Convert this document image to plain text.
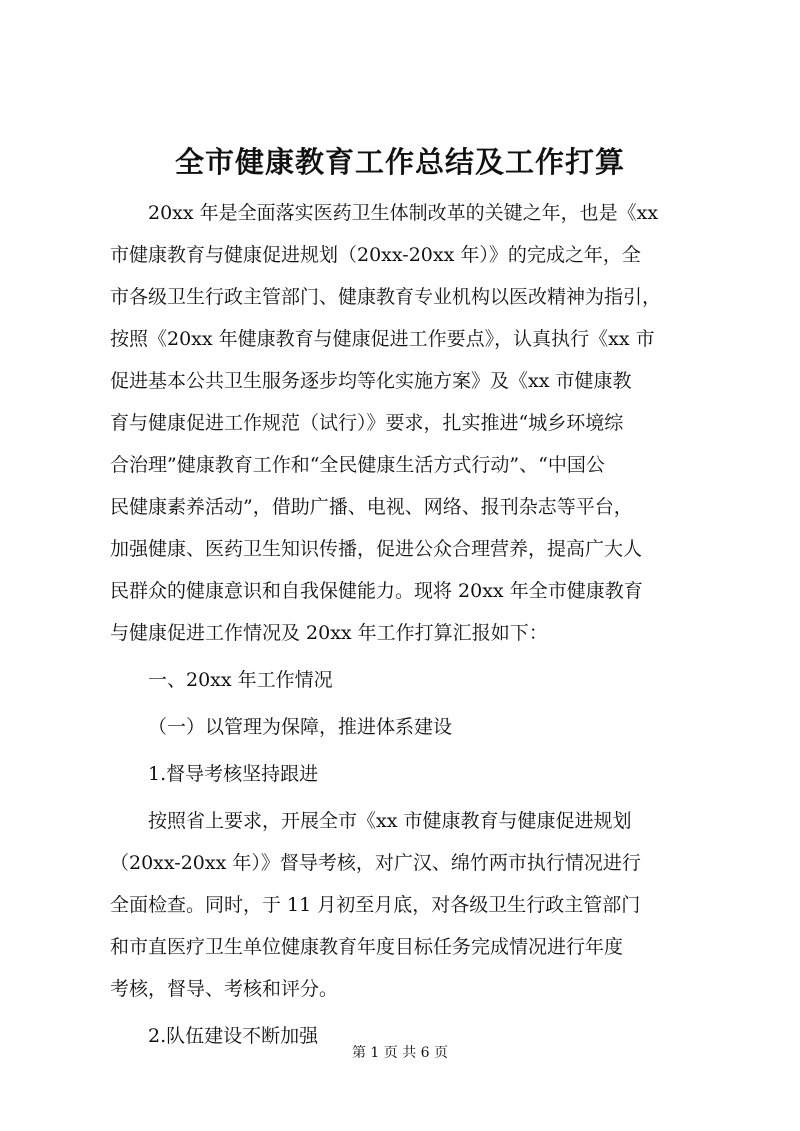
全市健康教育工作总结及工作打算

20xx 年是全面落实医药卫生体制改革的关键之年，也是《xx

市健康教育与健康促进规划（20xx-20xx 年）》的完成之年，全

市各级卫生行政主管部门、健康教育专业机构以医改精神为指引，

按照《20xx 年健康教育与健康促进工作要点》，认真执行《xx 市

促进基本公共卫生服务逐步均等化实施方案》及《xx 市健康教

育与健康促进工作规范（试行）》要求，扎实推进“城乡环境综

合治理”健康教育工作和“全民健康生活方式行动”、“中国公

民健康素养活动”，借助广播、电视、网络、报刊杂志等平台，

加强健康、医药卫生知识传播，促进公众合理营养，提高广大人

民群众的健康意识和自我保健能力。现将 20xx 年全市健康教育

与健康促进工作情况及 20xx 年工作打算汇报如下：

一、20xx 年工作情况

（一）以管理为保障，推进体系建设

1.督导考核坚持跟进

按照省上要求，开展全市《xx 市健康教育与健康促进规划

（20xx-20xx 年）》督导考核，对广汉、绵竹两市执行情况进行

全面检查。同时，于 11 月初至月底，对各级卫生行政主管部门

和市直医疗卫生单位健康教育年度目标任务完成情况进行年度

考核，督导、考核和评分。

2.队伍建设不断加强

第 1 页 共 6 页
